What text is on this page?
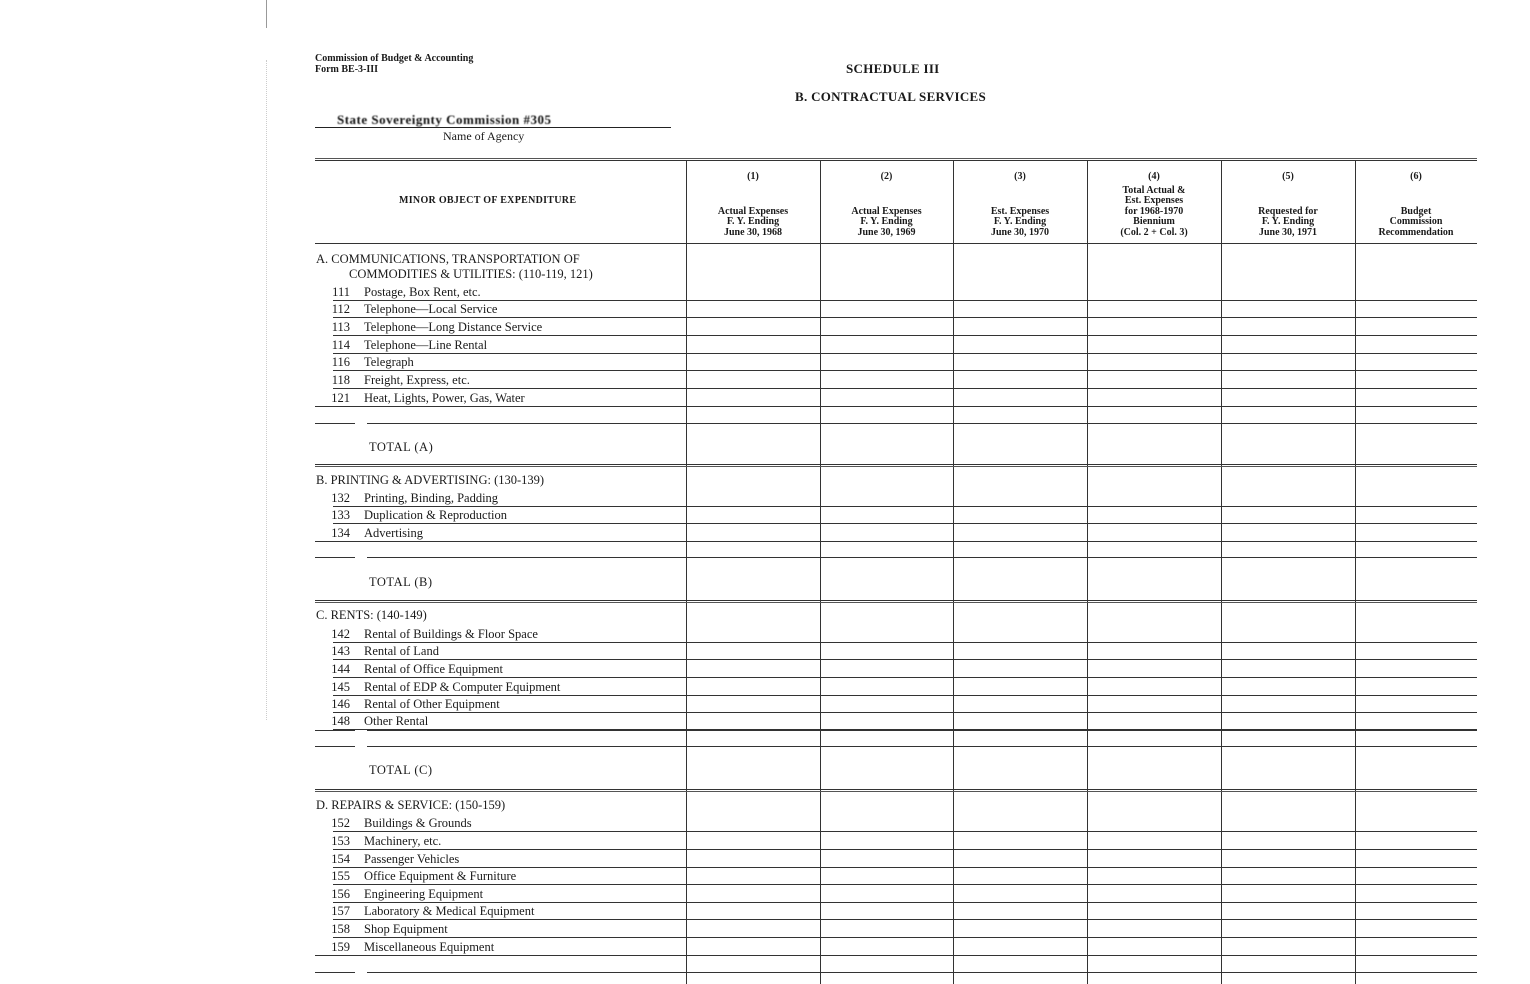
Commission of Budget & Accounting
Form BE-3-III	SCHEDULE III
B. CONTRACTUAL SERVICES
State Sovereignty Commission #305
Name of Agency
MINOR OBJECT OF EXPENDITURE
(1)
Actual Expenses
F. Y. Ending
June 30, 1968
(2)
Actual Expenses
F. Y. Ending
June 30, 1969
(3)
Est. Expenses
F. Y. Ending
June 30, 1970
(4)
Total Actual &
Est. Expenses
for 1968-1970
Biennium
(Col. 2 + Col. 3)
(5)
Requested for
F. Y. Ending
June 30, 1971
(6)
Budget
Commission
Recommendation
A. COMMUNICATIONS, TRANSPORTATION OF
COMMODITIES & UTILITIES: (110-119, 121)
111 Postage, Box Rent, etc.
112 Telephone—Local Service
113 Telephone—Long Distance Service
114 Telephone—Line Rental
116 Telegraph
118 Freight, Express, etc.
121 Heat, Lights, Power, Gas, Water
TOTAL (A)
B. PRINTING & ADVERTISING: (130-139)
132 Printing, Binding, Padding
133 Duplication & Reproduction
134 Advertising
TOTAL (B)
C. RENTS: (140-149)
142 Rental of Buildings & Floor Space
143 Rental of Land
144 Rental of Office Equipment
145 Rental of EDP & Computer Equipment
146 Rental of Other Equipment
148 Other Rental
TOTAL (C)
D. REPAIRS & SERVICE: (150-159)
152 Buildings & Grounds
153 Machinery, etc.
154 Passenger Vehicles
155 Office Equipment & Furniture
156 Engineering Equipment
157 Laboratory & Medical Equipment
158 Shop Equipment
159 Miscellaneous Equipment
